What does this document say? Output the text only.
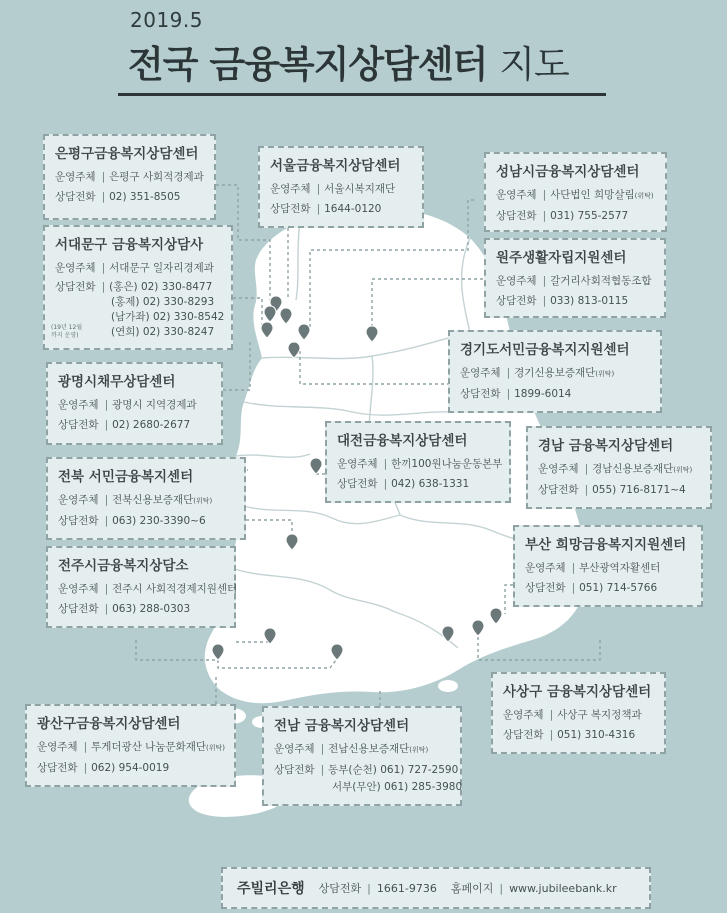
2019.5
전국 금융복지상담센터 지도
은평구금융복지상담센터
운영주체 | 은평구 사회적경제과
상담전화 | 02) 351-8505
서울금융복지상담센터
운영주체 | 서울시복지재단
상담전화 | 1644-0120
성남시금융복지상담센터
운영주체 | 사단법인 희망살림(위탁)
상담전화 | 031) 755-2577
서대문구 금융복지상담사
운영주체 | 서대문구 일자리경제과
상담전화 | (홍은) 02) 330-8477
(홍제) 02) 330-8293
(남가좌) 02) 330-8542
(연희) 02) 330-8247
(19년 12월
까지 운영)
원주생활자립지원센터
운영주체 | 갈거리사회적협동조합
상담전화 | 033) 813-0115
경기도서민금융복지지원센터
운영주체 | 경기신용보증재단(위탁)
상담전화 | 1899-6014
광명시채무상담센터
운영주체 | 광명시 지역경제과
상담전화 | 02) 2680-2677
대전금융복지상담센터
운영주체 | 한끼100원나눔운동본부
상담전화 | 042) 638-1331
경남 금융복지상담센터
운영주체 | 경남신용보증재단(위탁)
상담전화 | 055) 716-8171~4
전북 서민금융복지센터
운영주체 | 전북신용보증재단(위탁)
상담전화 | 063) 230-3390~6
부산 희망금융복지지원센터
운영주체 | 부산광역자활센터
상담전화 | 051) 714-5766
전주시금융복지상담소
운영주체 | 전주시 사회적경제지원센터
상담전화 | 063) 288-0303
사상구 금융복지상담센터
운영주체 | 사상구 복지정책과
상담전화 | 051) 310-4316
광산구금융복지상담센터
운영주체 | 투게더광산 나눔문화재단(위탁)
상담전화 | 062) 954-0019
전남 금융복지상담센터
운영주체 | 전남신용보증재단(위탁)
상담전화 | 동부(순천) 061) 727-2590
서부(무안) 061) 285-3980
주빌리은행 상담전화 | 1661-9736 홈페이지 | www.jubileebank.kr
